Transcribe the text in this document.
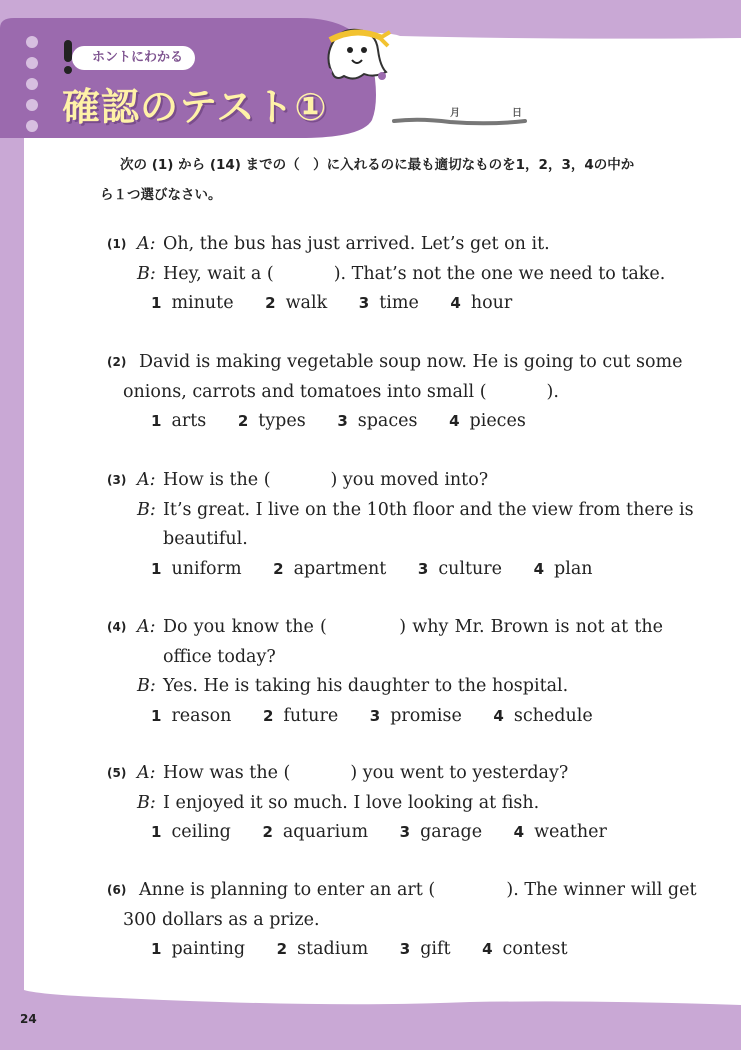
ホントにわかる
確認のテスト①	月	日

次の (1) から (14) までの（　）に入れるのに最も適切なものを1，2，3，4の中か
ら１つ選びなさい。

(1) A: Oh, the bus has just arrived. Let’s get on it.
B: Hey, wait a (	). That’s not the one we need to take.
1 minute 2 walk 3 time 4 hour
(2) David is making vegetable soup now. He is going to cut some
onions, carrots and tomatoes into small (	).
1 arts 2 types 3 spaces 4 pieces
(3) A: How is the (	) you moved into?
B: It’s great. I live on the 10th floor and the view from there is
beautiful.
1 uniform 2 apartment 3 culture 4 plan
(4) A: Do you know the (	) why Mr. Brown is not at the
office today?
B: Yes. He is taking his daughter to the hospital.
1 reason 2 future 3 promise 4 schedule
(5) A: How was the (	) you went to yesterday?
B: I enjoyed it so much. I love looking at fish.
1 ceiling 2 aquarium 3 garage 4 weather
(6) Anne is planning to enter an art (	). The winner will get
300 dollars as a prize.
1 painting 2 stadium 3 gift 4 contest
24
